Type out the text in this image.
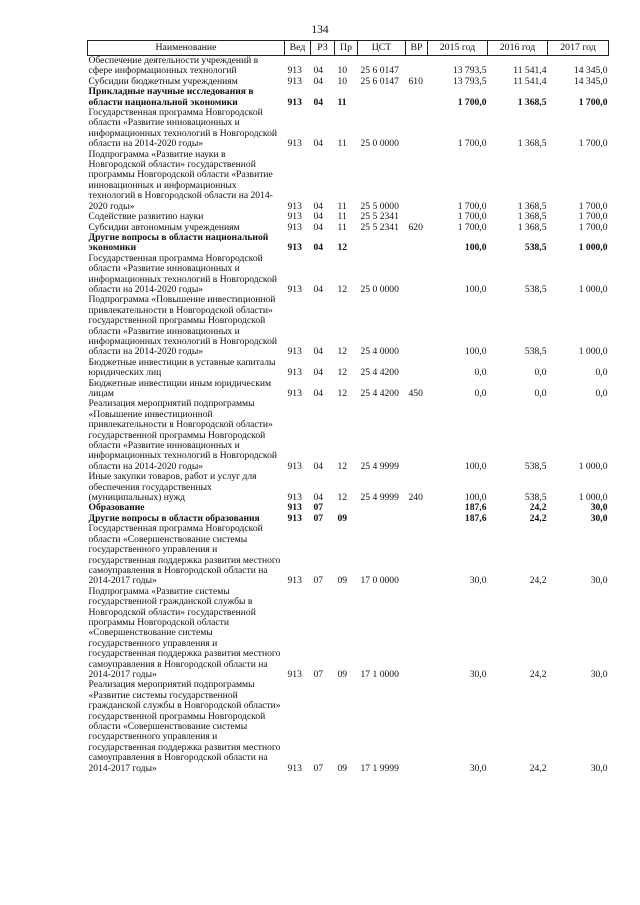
134
Наименование	Вед	РЗ	Пр	ЦСТ	ВР	2015 год	2016 год	2017 год
Обеспечение деятельности учреждений в сфере информационных технологий	913	04	10	25 6 0147		13 793,5	11 541,4	14 345,0
Субсидии бюджетным учреждениям	913	04	10	25 6 0147	610	13 793,5	11 541,4	14 345,0
Прикладные научные исследования в области национальной экономики	913	04	11			1 700,0	1 368,5	1 700,0
Государственная программа Новгородской области «Развитие инновационных и информационных технологий в Новгородской области на 2014-2020 годы»	913	04	11	25 0 0000		1 700,0	1 368,5	1 700,0
Подпрограмма «Развитие науки в Новгородской области» государственной программы Новгородской области «Развитие инновационных и информационных технологий в Новгородской области на 2014-2020 годы»	913	04	11	25 5 0000		1 700,0	1 368,5	1 700,0
Содействие развитию науки	913	04	11	25 5 2341		1 700,0	1 368,5	1 700,0
Субсидии автономным учреждениям	913	04	11	25 5 2341	620	1 700,0	1 368,5	1 700,0
Другие вопросы в области национальной экономики	913	04	12			100,0	538,5	1 000,0
Государственная программа Новгородской области «Развитие инновационных и информационных технологий в Новгородской области на 2014-2020 годы»	913	04	12	25 0 0000		100,0	538,5	1 000,0
Подпрограмма «Повышение инвестиционной привлекательности в Новгородской области» государственной программы Новгородской области «Развитие инновационных и информационных технологий в Новгородской области на 2014-2020 годы»	913	04	12	25 4 0000		100,0	538,5	1 000,0
Бюджетные инвестиции в уставные капиталы юридических лиц	913	04	12	25 4 4200		0,0	0,0	0,0
Бюджетные инвестиции иным юридическим лицам	913	04	12	25 4 4200	450	0,0	0,0	0,0
Реализация мероприятий подпрограммы «Повышение инвестиционной привлекательности в Новгородской области» государственной программы Новгородской области «Развитие инновационных и информационных технологий в Новгородской области на 2014-2020 годы»	913	04	12	25 4 9999		100,0	538,5	1 000,0
Иные закупки товаров, работ и услуг для обеспечения государственных (муниципальных) нужд	913	04	12	25 4 9999	240	100,0	538,5	1 000,0
Образование	913	07				187,6	24,2	30,0
Другие вопросы в области образования	913	07	09			187,6	24,2	30,0
Государственная программа Новгородской области «Совершенствование системы государственного управления и государственная поддержка развития местного самоуправления в Новгородской области на 2014-2017 годы»	913	07	09	17 0 0000		30,0	24,2	30,0
Подпрограмма «Развитие системы государственной гражданской службы в Новгородской области» государственной программы Новгородской области «Совершенствование системы государственного управления и государственная поддержка развития местного самоуправления в Новгородской области на 2014-2017 годы»	913	07	09	17 1 0000		30,0	24,2	30,0
Реализация мероприятий подпрограммы «Развитие системы государственной гражданской службы в Новгородской области» государственной программы Новгородской области «Совершенствование системы государственного управления и государственная поддержка развития местного самоуправления в Новгородской области на 2014-2017 годы»	913	07	09	17 1 9999		30,0	24,2	30,0
